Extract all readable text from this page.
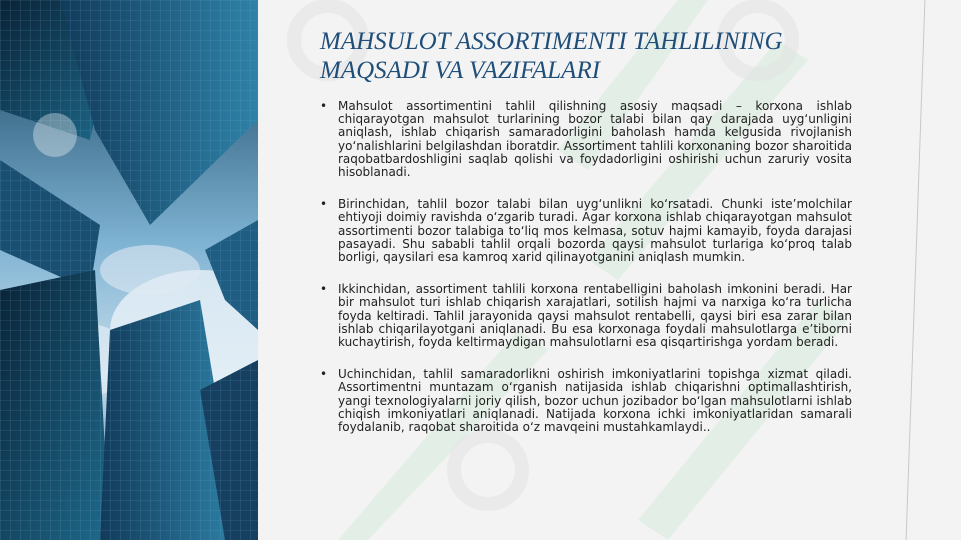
MAHSULOT ASSORTIMENTI TAHLILINING
MAQSADI VA VAZIFALARI
• Mahsulot assortimentini tahlil qilishning asosiy maqsadi – korxona ishlab chiqarayotgan mahsulot turlarining bozor talabi bilan qay darajada uyg‘unligini aniqlash, ishlab chiqarish samaradorligini baholash hamda kelgusida rivojlanish yo‘nalishlarini belgilashdan iboratdir. Assortiment tahlili korxonaning bozor sharoitida raqobatbardoshligini saqlab qolishi va foydadorligini oshirishi uchun zaruriy vosita hisoblanadi.
• Birinchidan, tahlil bozor talabi bilan uyg‘unlikni ko‘rsatadi. Chunki iste’molchilar ehtiyoji doimiy ravishda o‘zgarib turadi. Agar korxona ishlab chiqarayotgan mahsulot assortimenti bozor talabiga to‘liq mos kelmasa, sotuv hajmi kamayib, foyda darajasi pasayadi. Shu sababli tahlil orqali bozorda qaysi mahsulot turlariga ko‘proq talab borligi, qaysilari esa kamroq xarid qilinayotganini aniqlash mumkin.
• Ikkinchidan, assortiment tahlili korxona rentabelligini baholash imkonini beradi. Har bir mahsulot turi ishlab chiqarish xarajatlari, sotilish hajmi va narxiga ko‘ra turlicha foyda keltiradi. Tahlil jarayonida qaysi mahsulot rentabelli, qaysi biri esa zarar bilan ishlab chiqarilayotgani aniqlanadi. Bu esa korxonaga foydali mahsulotlarga e’tiborni kuchaytirish, foyda keltirmaydigan mahsulotlarni esa qisqartirishga yordam beradi.
• Uchinchidan, tahlil samaradorlikni oshirish imkoniyatlarini topishga xizmat qiladi. Assortimentni muntazam o‘rganish natijasida ishlab chiqarishni optimallashtirish, yangi texnologiyalarni joriy qilish, bozor uchun jozibador bo‘lgan mahsulotlarni ishlab chiqish imkoniyatlari aniqlanadi. Natijada korxona ichki imkoniyatlaridan samarali foydalanib, raqobat sharoitida o‘z mavqeini mustahkamlaydi..
